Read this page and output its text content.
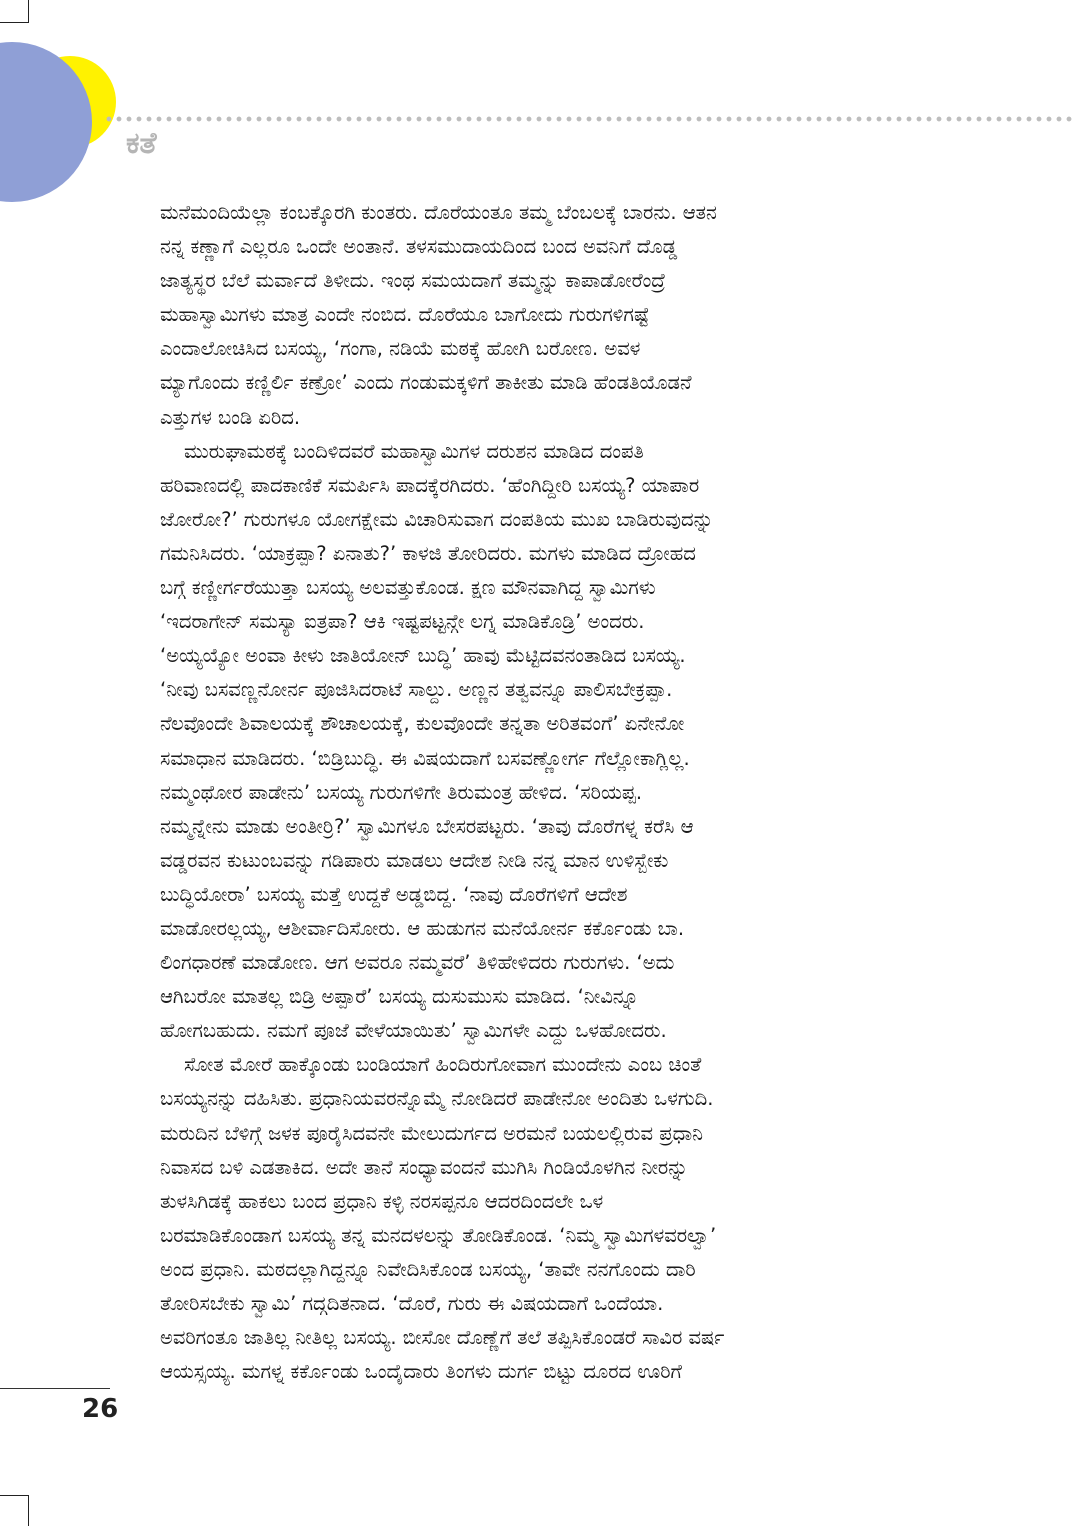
ಕತೆ

ಮನೆಮಂದಿಯೆಲ್ಲಾ ಕಂಬಕ್ಕೊರಗಿ ಕುಂತರು. ದೊರೆಯಂತೂ ತಮ್ಮ ಬೆಂಬಲಕ್ಕೆ ಬಾರನು. ಆತನ
ನನ್ನ ಕಣ್ಣಾಗೆ ಎಲ್ಲರೂ ಒಂದೇ ಅಂತಾನೆ. ತಳಸಮುದಾಯದಿಂದ ಬಂದ ಅವನಿಗೆ ದೊಡ್ಡ
ಜಾತ್ಯಸ್ಥರ ಬೆಲೆ ಮರ್ವಾದೆ ತಿಳೀದು. ಇಂಥ ಸಮಯದಾಗೆ ತಮ್ಮನ್ನು ಕಾಪಾಡೋರೆಂದ್ರೆ
ಮಹಾಸ್ವಾಮಿಗಳು ಮಾತ್ರ ಎಂದೇ ನಂಬಿದ. ದೊರೆಯೂ ಬಾಗೋದು ಗುರುಗಳಿಗಷ್ಟೆ
ಎಂದಾಲೋಚಿಸಿದ ಬಸಯ್ಯ, ‘ಗಂಗಾ, ನಡಿಯೆ ಮಠಕ್ಕೆ ಹೋಗಿ ಬರೋಣ. ಅವಳ
ಮ್ಯಾಗೊಂದು ಕಣ್ಣಿರ್ಲಿ ಕಣ್ರೋ’ ಎಂದು ಗಂಡುಮಕ್ಕಳಿಗೆ ತಾಕೀತು ಮಾಡಿ ಹೆಂಡತಿಯೊಡನೆ
ಎತ್ತುಗಳ ಬಂಡಿ ಏರಿದ.

ಮುರುಘಾಮಠಕ್ಕೆ ಬಂದಿಳಿದವರೆ ಮಹಾಸ್ವಾಮಿಗಳ ದರುಶನ ಮಾಡಿದ ದಂಪತಿ
ಹರಿವಾಣದಲ್ಲಿ ಪಾದಕಾಣಿಕೆ ಸಮರ್ಪಿಸಿ ಪಾದಕ್ಕೆರಗಿದರು. ‘ಹೆಂಗಿದ್ದೀರಿ ಬಸಯ್ಯ? ಯಾಪಾರ
ಜೋರೋ?’ ಗುರುಗಳೂ ಯೋಗಕ್ಷೇಮ ವಿಚಾರಿಸುವಾಗ ದಂಪತಿಯ ಮುಖ ಬಾಡಿರುವುದನ್ನು
ಗಮನಿಸಿದರು. ‘ಯಾಕ್ರಪ್ಪಾ? ಏನಾತು?’ ಕಾಳಜಿ ತೋರಿದರು. ಮಗಳು ಮಾಡಿದ ದ್ರೋಹದ
ಬಗ್ಗೆ ಕಣ್ಣೀರ್ಗರೆಯುತ್ತಾ ಬಸಯ್ಯ ಅಲವತ್ತುಕೊಂಡ. ಕ್ಷಣ ಮೌನವಾಗಿದ್ದ ಸ್ವಾಮಿಗಳು
‘ಇದರಾಗೇನ್ ಸಮಸ್ಯಾ ಐತ್ರಪಾ? ಆಕಿ ಇಷ್ಟಪಟ್ಟನ್ಗೇ ಲಗ್ನ ಮಾಡಿಕೊಡ್ರಿ’ ಅಂದರು.
‘ಅಯ್ಯಯ್ಯೋ ಅಂವಾ ಕೀಳು ಜಾತಿಯೋನ್ ಬುದ್ಧಿ’ ಹಾವು ಮೆಟ್ಟಿದವನಂತಾಡಿದ ಬಸಯ್ಯ.
‘ನೀವು ಬಸವಣ್ಣನೋರ್ನ ಪೂಜಿಸಿದರಾಟೆ ಸಾಲ್ದು. ಅಣ್ಣನ ತತ್ವವನ್ನೂ ಪಾಲಿಸಬೇಕ್ರಪ್ಪಾ.
ನೆಲವೊಂದೇ ಶಿವಾಲಯಕ್ಕೆ ಶೌಚಾಲಯಕ್ಕೆ, ಕುಲವೊಂದೇ ತನ್ನತಾ ಅರಿತವಂಗೆ’ ಏನೇನೋ
ಸಮಾಧಾನ ಮಾಡಿದರು. ‘ಬಿಡ್ರಿಬುದ್ಧಿ. ಈ ವಿಷಯದಾಗೆ ಬಸವಣ್ಣೋರ್ಗ ಗೆಲ್ಲೋಕಾಗ್ಲಿಲ್ಲ.
ನಮ್ಮಂಥೋರ ಪಾಡೇನು’ ಬಸಯ್ಯ ಗುರುಗಳಿಗೇ ತಿರುಮಂತ್ರ ಹೇಳಿದ. ‘ಸರಿಯಪ್ಪ.
ನಮ್ಮನ್ನೇನು ಮಾಡು ಅಂತೀರ್ರಿ?’ ಸ್ವಾಮಿಗಳೂ ಬೇಸರಪಟ್ಟರು. ‘ತಾವು ದೊರೆಗಳ್ನ ಕರೆಸಿ ಆ
ವಡ್ಡರವನ ಕುಟುಂಬವನ್ನು ಗಡಿಪಾರು ಮಾಡಲು ಆದೇಶ ನೀಡಿ ನನ್ನ ಮಾನ ಉಳಿಸ್ಬೇಕು
ಬುದ್ಧಿಯೋರಾ’ ಬಸಯ್ಯ ಮತ್ತೆ ಉದ್ದಕೆ ಅಡ್ಡಬಿದ್ದ. ‘ನಾವು ದೊರೆಗಳಿಗೆ ಆದೇಶ
ಮಾಡೋರಲ್ಲಯ್ಯ, ಆಶೀರ್ವಾದಿಸೋರು. ಆ ಹುಡುಗನ ಮನೆಯೋರ್ನ ಕರ್ಕೊಂಡು ಬಾ.
ಲಿಂಗಧಾರಣೆ ಮಾಡೋಣ. ಆಗ ಅವರೂ ನಮ್ಮವರೆ’ ತಿಳಿಹೇಳಿದರು ಗುರುಗಳು. ‘ಅದು
ಆಗಿಬರೋ ಮಾತಲ್ಲ ಬಿಡ್ರಿ ಅಪ್ಪಾರೆ’ ಬಸಯ್ಯ ದುಸುಮುಸು ಮಾಡಿದ. ‘ನೀವಿನ್ನೂ
ಹೋಗಬಹುದು. ನಮಗೆ ಪೂಜೆ ವೇಳೆಯಾಯಿತು’ ಸ್ವಾಮಿಗಳೇ ಎದ್ದು ಒಳಹೋದರು.

ಸೋತ ಮೋರೆ ಹಾಕ್ಕೊಂಡು ಬಂಡಿಯಾಗೆ ಹಿಂದಿರುಗೋವಾಗ ಮುಂದೇನು ಎಂಬ ಚಿಂತೆ
ಬಸಯ್ಯನನ್ನು ದಹಿಸಿತು. ಪ್ರಧಾನಿಯವರನ್ನೊಮ್ಮೆ ನೋಡಿದರೆ ಪಾಡೇನೋ ಅಂದಿತು ಒಳಗುದಿ.
ಮರುದಿನ ಬೆಳಿಗ್ಗೆ ಜಳಕ ಪೂರೈಸಿದವನೇ ಮೇಲುದುರ್ಗದ ಅರಮನೆ ಬಯಲಲ್ಲಿರುವ ಪ್ರಧಾನಿ
ನಿವಾಸದ ಬಳಿ ಎಡತಾಕಿದ. ಅದೇ ತಾನೆ ಸಂಧ್ಯಾವಂದನೆ ಮುಗಿಸಿ ಗಿಂಡಿಯೊಳಗಿನ ನೀರನ್ನು
ತುಳಸಿಗಿಡಕ್ಕೆ ಹಾಕಲು ಬಂದ ಪ್ರಧಾನಿ ಕಳ್ಳಿ ನರಸಪ್ಪನೂ ಆದರದಿಂದಲೇ ಒಳ
ಬರಮಾಡಿಕೊಂಡಾಗ ಬಸಯ್ಯ ತನ್ನ ಮನದಳಲನ್ನು ತೋಡಿಕೊಂಡ. ‘ನಿಮ್ಮ ಸ್ವಾಮಿಗಳವರಲ್ವಾ’
ಅಂದ ಪ್ರಧಾನಿ. ಮಠದಲ್ಲಾಗಿದ್ದನ್ನೂ ನಿವೇದಿಸಿಕೊಂಡ ಬಸಯ್ಯ, ‘ತಾವೇ ನನಗೊಂದು ದಾರಿ
ತೋರಿಸಬೇಕು ಸ್ವಾಮಿ’ ಗದ್ಗದಿತನಾದ. ‘ದೊರೆ, ಗುರು ಈ ವಿಷಯದಾಗೆ ಒಂದೆಯಾ.
ಅವರಿಗಂತೂ ಜಾತಿಲ್ಲ ನೀತಿಲ್ಲ ಬಸಯ್ಯ. ಬೀಸೋ ದೊಣ್ಣೆಗೆ ತಲೆ ತಪ್ಪಿಸಿಕೊಂಡರೆ ಸಾವಿರ ವರ್ಷ
ಆಯಸ್ಸಯ್ಯ. ಮಗಳ್ನ ಕರ್ಕೊಂಡು ಒಂದೈದಾರು ತಿಂಗಳು ದುರ್ಗ ಬಿಟ್ಟು ದೂರದ ಊರಿಗೆ

26
